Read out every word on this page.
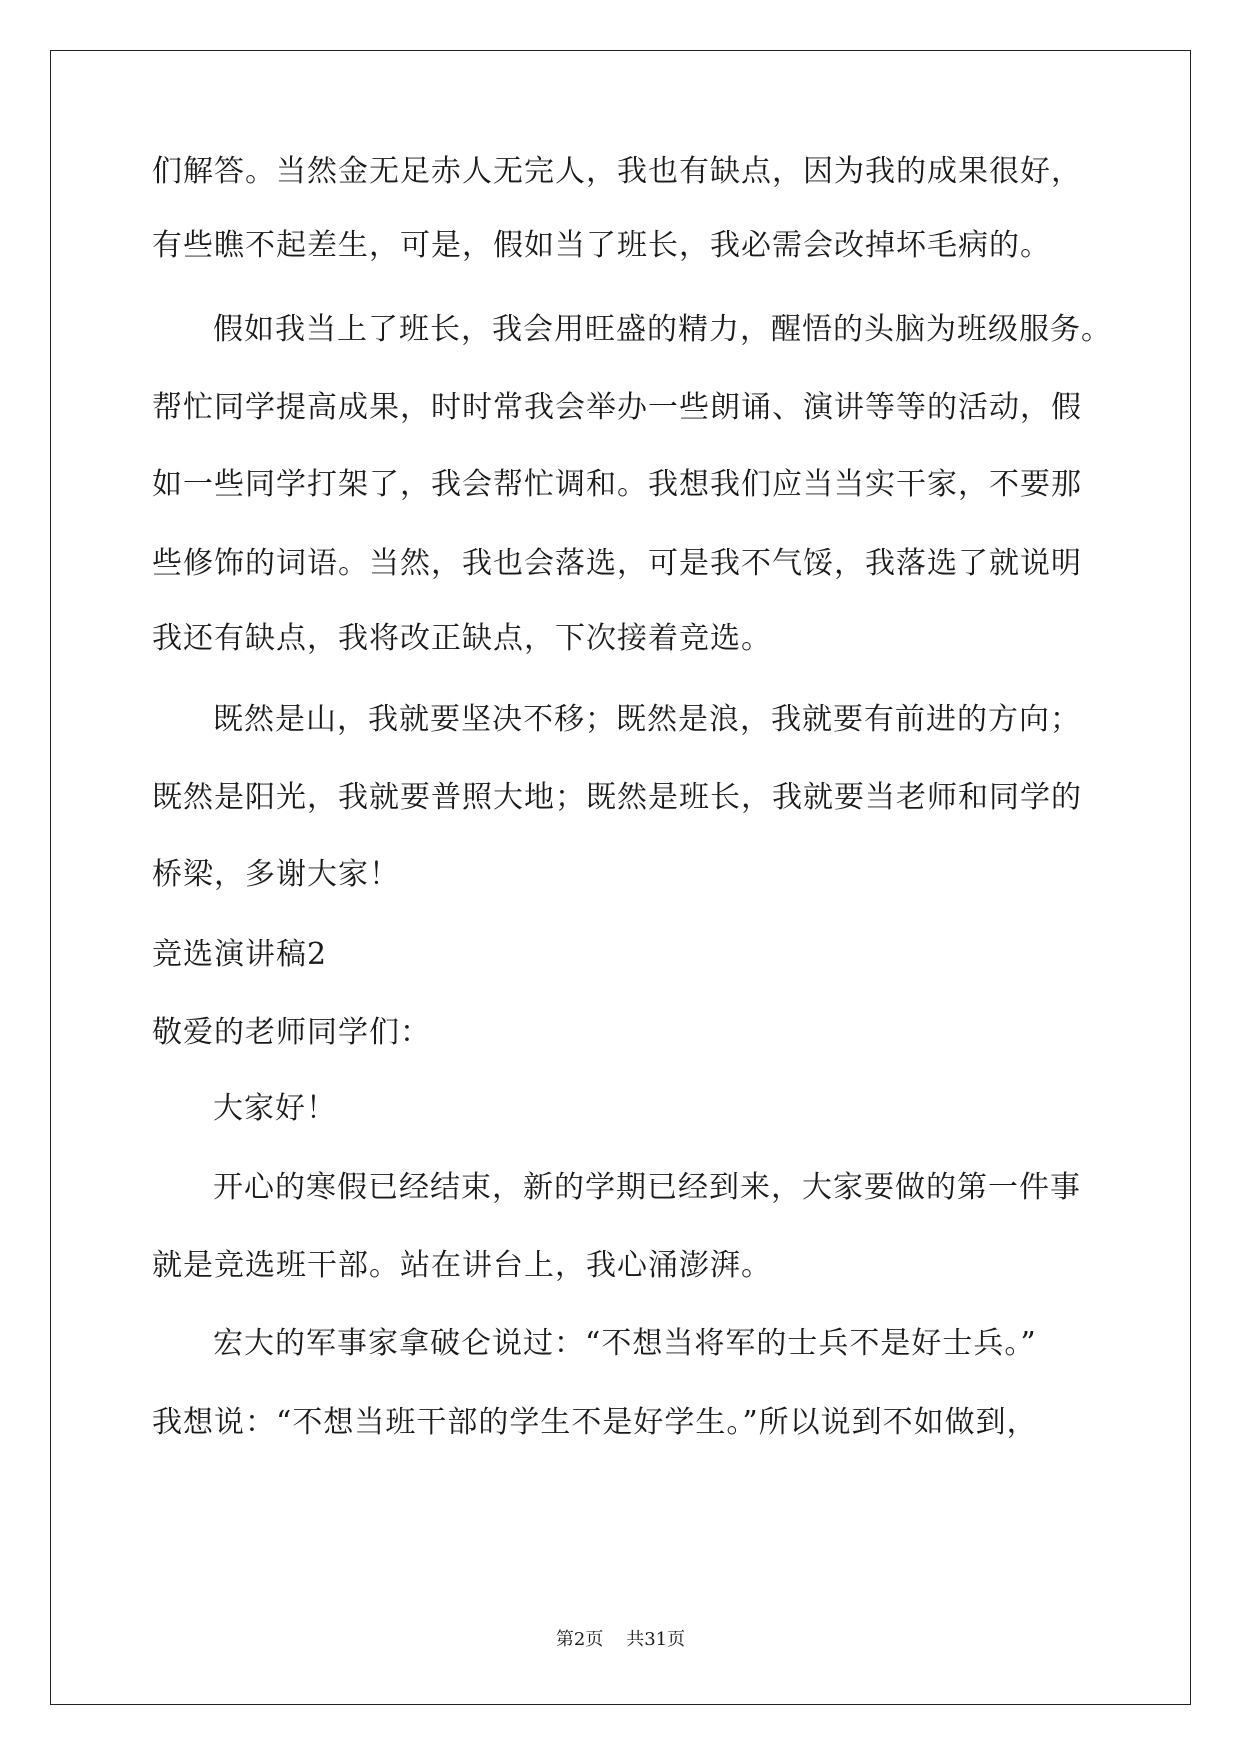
们解答。当然金无足赤人无完人，我也有缺点，因为我的成果很好，
有些瞧不起差生，可是，假如当了班长，我必需会改掉坏毛病的。
假如我当上了班长，我会用旺盛的精力，醒悟的头脑为班级服务。
帮忙同学提高成果，时时常我会举办一些朗诵、演讲等等的活动，假
如一些同学打架了，我会帮忙调和。我想我们应当当实干家，不要那
些修饰的词语。当然，我也会落选，可是我不气馁，我落选了就说明
我还有缺点，我将改正缺点，下次接着竞选。
既然是山，我就要坚决不移；既然是浪，我就要有前进的方向；
既然是阳光，我就要普照大地；既然是班长，我就要当老师和同学的
桥梁，多谢大家！
竞选演讲稿2
敬爱的老师同学们：
大家好！
开心的寒假已经结束，新的学期已经到来，大家要做的第一件事
就是竞选班干部。站在讲台上，我心涌澎湃。
宏大的军事家拿破仑说过：“不想当将军的士兵不是好士兵。”
我想说：“不想当班干部的学生不是好学生。”所以说到不如做到，
第2页    共31页
